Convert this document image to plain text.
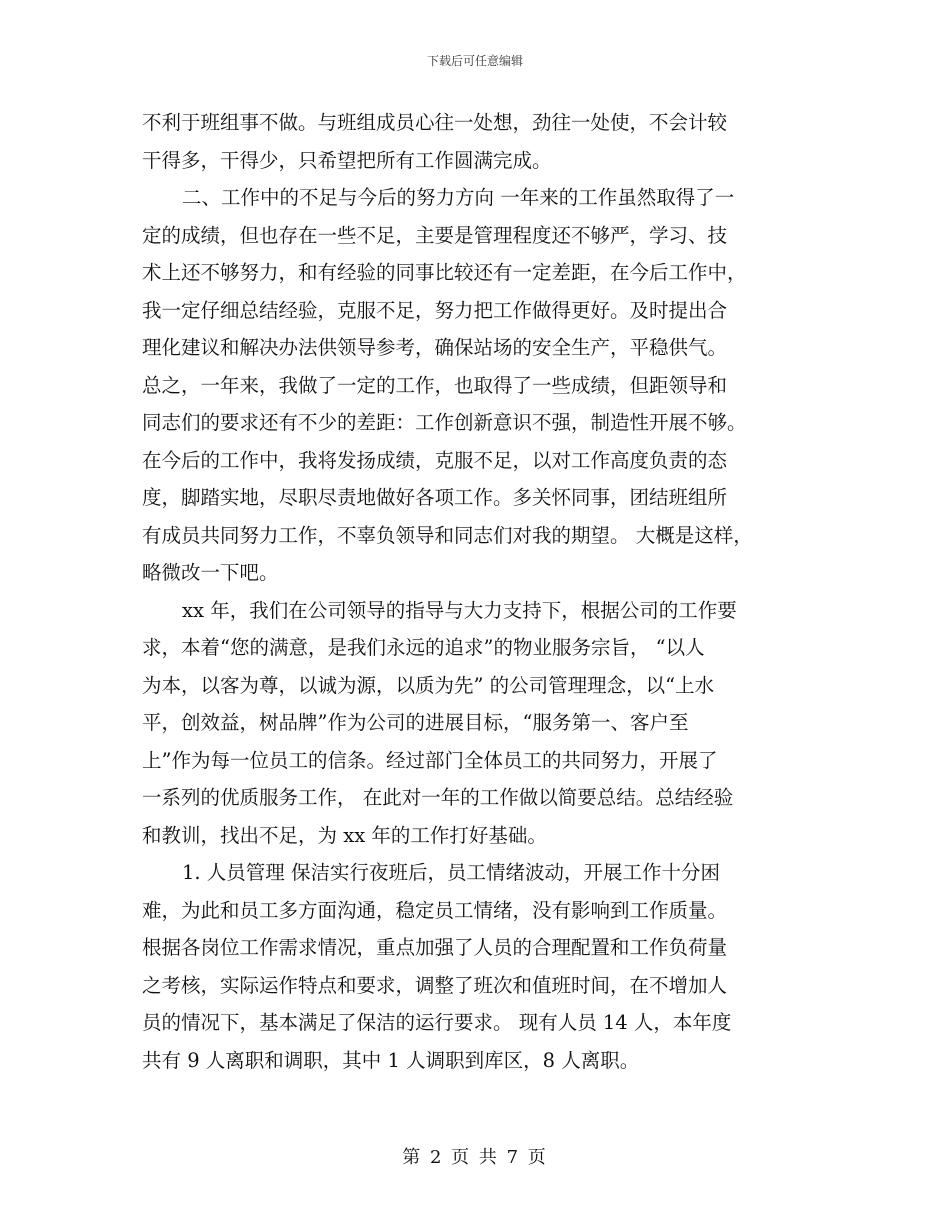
下载后可任意编辑
不利于班组事不做。与班组成员心往一处想，劲往一处使，不会计较
干得多，干得少，只希望把所有工作圆满完成。
二、工作中的不足与今后的努力方向 一年来的工作虽然取得了一
定的成绩，但也存在一些不足，主要是管理程度还不够严，学习、技
术上还不够努力，和有经验的同事比较还有一定差距，在今后工作中，
我一定仔细总结经验，克服不足，努力把工作做得更好。及时提出合
理化建议和解决办法供领导参考，确保站场的安全生产，平稳供气。
总之，一年来，我做了一定的工作，也取得了一些成绩，但距领导和
同志们的要求还有不少的差距：工作创新意识不强，制造性开展不够。
在今后的工作中，我将发扬成绩，克服不足，以对工作高度负责的态
度，脚踏实地，尽职尽责地做好各项工作。多关怀同事，团结班组所
有成员共同努力工作，不辜负领导和同志们对我的期望。 大概是这样，
略微改一下吧。
xx 年，我们在公司领导的指导与大力支持下，根据公司的工作要
求，本着“您的满意，是我们永远的追求”的物业服务宗旨， “以人
为本，以客为尊，以诚为源，以质为先” 的公司管理理念，以“上水
平，创效益，树品牌”作为公司的进展目标，“服务第一、客户至
上”作为每一位员工的信条。经过部门全体员工的共同努力，开展了
一系列的优质服务工作， 在此对一年的工作做以简要总结。总结经验
和教训，找出不足，为 xx 年的工作打好基础。
1. 人员管理 保洁实行夜班后，员工情绪波动，开展工作十分困
难，为此和员工多方面沟通，稳定员工情绪，没有影响到工作质量。
根据各岗位工作需求情况，重点加强了人员的合理配置和工作负荷量
之考核，实际运作特点和要求，调整了班次和值班时间，在不增加人
员的情况下，基本满足了保洁的运行要求。 现有人员 14 人，本年度
共有 9 人离职和调职，其中 1 人调职到库区，8 人离职。
第 2 页 共 7 页
